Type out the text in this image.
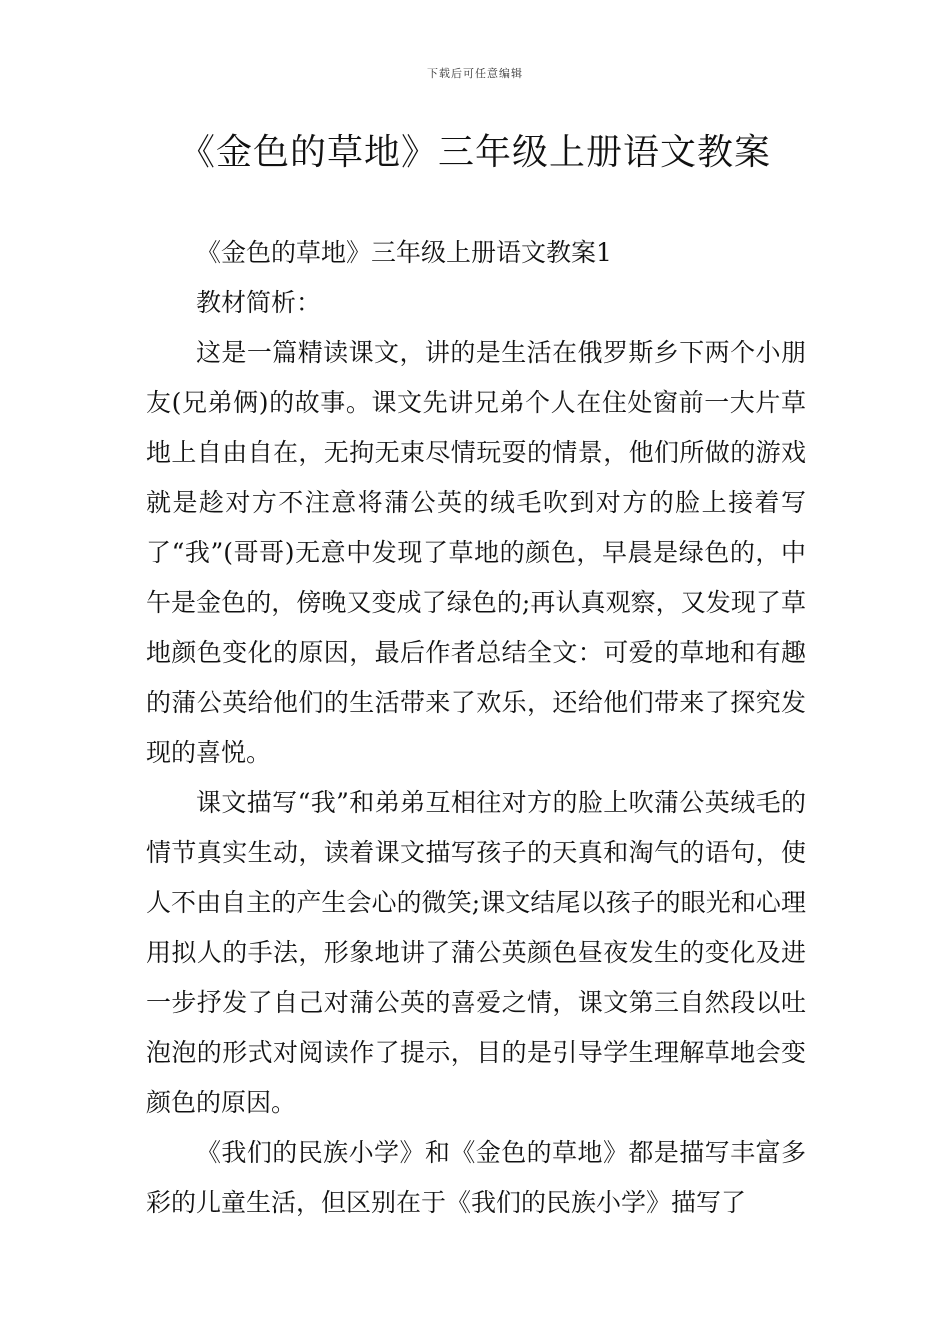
下载后可任意编辑
《金色的草地》三年级上册语文教案

《金色的草地》三年级上册语文教案1

教材简析：

这是一篇精读课文，讲的是生活在俄罗斯乡下两个小朋友(兄弟俩)的故事。课文先讲兄弟个人在住处窗前一大片草地上自由自在，无拘无束尽情玩耍的情景，他们所做的游戏就是趁对方不注意将蒲公英的绒毛吹到对方的脸上接着写了“我”(哥哥)无意中发现了草地的颜色，早晨是绿色的，中午是金色的，傍晚又变成了绿色的;再认真观察，又发现了草地颜色变化的原因，最后作者总结全文：可爱的草地和有趣的蒲公英给他们的生活带来了欢乐，还给他们带来了探究发现的喜悦。

课文描写“我”和弟弟互相往对方的脸上吹蒲公英绒毛的情节真实生动，读着课文描写孩子的天真和淘气的语句，使人不由自主的产生会心的微笑;课文结尾以孩子的眼光和心理用拟人的手法，形象地讲了蒲公英颜色昼夜发生的变化及进一步抒发了自己对蒲公英的喜爱之情，课文第三自然段以吐泡泡的形式对阅读作了提示，目的是引导学生理解草地会变颜色的原因。

《我们的民族小学》和《金色的草地》都是描写丰富多彩的儿童生活，但区别在于《我们的民族小学》描写了
